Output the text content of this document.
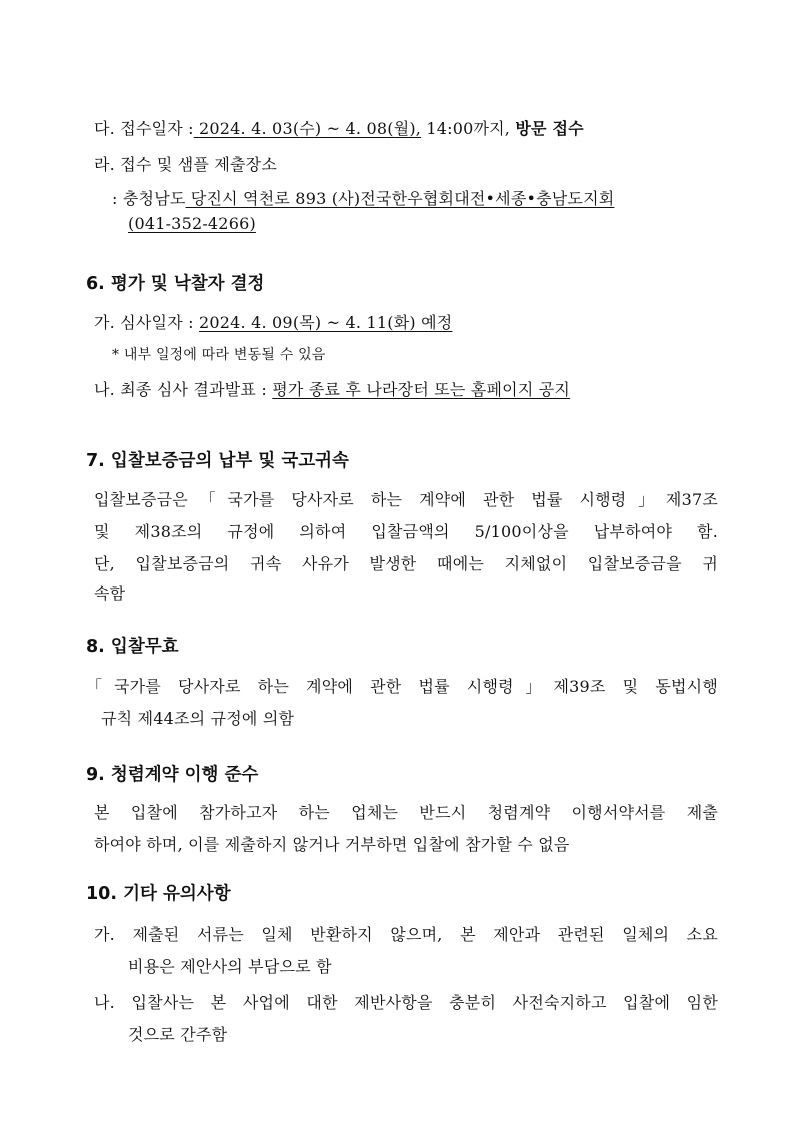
다. 접수일자 : 2024. 4. 03(수) ~ 4. 08(월), 14:00까지, 방문 접수
라. 접수 및 샘플 제출장소
: 충청남도 당진시 역천로 893 (사)전국한우협회대전•세종•충남도지회
(041-352-4266)
6. 평가 및 낙찰자 결정
가. 심사일자 : 2024. 4. 09(목) ~ 4. 11(화) 예정
* 내부 일정에 따라 변동될 수 있음
나. 최종 심사 결과발표 : 평가 종료 후 나라장터 또는 홈페이지 공지
7. 입찰보증금의 납부 및 국고귀속
입찰보증금은「국가를 당사자로 하는 계약에 관한 법률 시행령」제37조
및 제38조의 규정에 의하여 입찰금액의 5/100이상을 납부하여야 함.
단, 입찰보증금의 귀속 사유가 발생한 때에는 지체없이 입찰보증금을 귀
속함
8. 입찰무효
「국가를 당사자로 하는 계약에 관한 법률 시행령」제39조 및 동법시행
규칙 제44조의 규정에 의함
9. 청렴계약 이행 준수
본 입찰에 참가하고자 하는 업체는 반드시 청렴계약 이행서약서를 제출
하여야 하며, 이를 제출하지 않거나 거부하면 입찰에 참가할 수 없음
10. 기타 유의사항
가. 제출된 서류는 일체 반환하지 않으며, 본 제안과 관련된 일체의 소요
비용은 제안사의 부담으로 함
나. 입찰사는 본 사업에 대한 제반사항을 충분히 사전숙지하고 입찰에 임한
것으로 간주함
